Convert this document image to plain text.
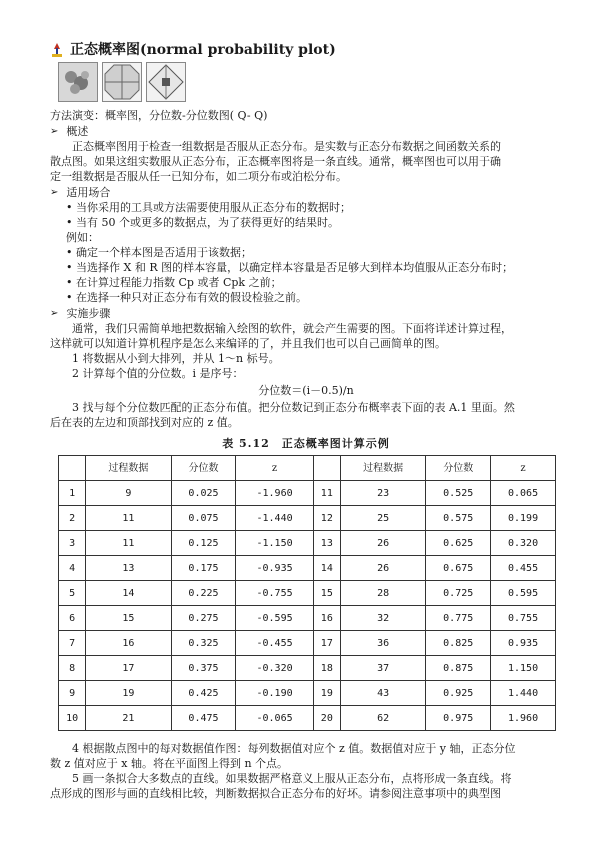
正态概率图(normal probability plot)

方法演变：概率图，分位数-分位数图( Q- Q)

➢ 概述

正态概率图用于检查一组数据是否服从正态分布。是实数与正态分布数据之间函数关系的

散点图。如果这组实数服从正态分布，正态概率图将是一条直线。通常，概率图也可以用于确

定一组数据是否服从任一已知分布，如二项分布或泊松分布。

➢ 适用场合

• 当你采用的工具或方法需要使用服从正态分布的数据时；

• 当有 50 个或更多的数据点，为了获得更好的结果时。

例如：

• 确定一个样本图是否适用于该数据；

• 当选择作 X 和 R 图的样本容量，以确定样本容量是否足够大到样本均值服从正态分布时；

• 在计算过程能力指数 Cp 或者 Cpk 之前；

• 在选择一种只对正态分布有效的假设检验之前。

➢ 实施步骤

通常，我们只需简单地把数据输入绘图的软件，就会产生需要的图。下面将详述计算过程，

这样就可以知道计算机程序是怎么来编译的了，并且我们也可以自己画简单的图。

1 将数据从小到大排列，并从 1～n 标号。

2 计算每个值的分位数。i 是序号：

分位数＝(i－0.5)/n

3 找与每个分位数匹配的正态分布值。把分位数记到正态分布概率表下面的表 A.1 里面。然

后在表的左边和顶部找到对应的 z 值。

表 5.12　正态概率图计算示例
	过程数据	分位数	z		过程数据	分位数	z
1	9	0.025	-1.960	11	23	0.525	0.065
2	11	0.075	-1.440	12	25	0.575	0.199
3	11	0.125	-1.150	13	26	0.625	0.320
4	13	0.175	-0.935	14	26	0.675	0.455
5	14	0.225	-0.755	15	28	0.725	0.595
6	15	0.275	-0.595	16	32	0.775	0.755
7	16	0.325	-0.455	17	36	0.825	0.935
8	17	0.375	-0.320	18	37	0.875	1.150
9	19	0.425	-0.190	19	43	0.925	1.440
10	21	0.475	-0.065	20	62	0.975	1.960

4 根据散点图中的每对数据值作图：每列数据值对应个 z 值。数据值对应于 y 轴，正态分位

数 z 值对应于 x 轴。将在平面图上得到 n 个点。

5 画一条拟合大多数点的直线。如果数据严格意义上服从正态分布，点将形成一条直线。将

点形成的图形与画的直线相比较，判断数据拟合正态分布的好坏。请参阅注意事项中的典型图
